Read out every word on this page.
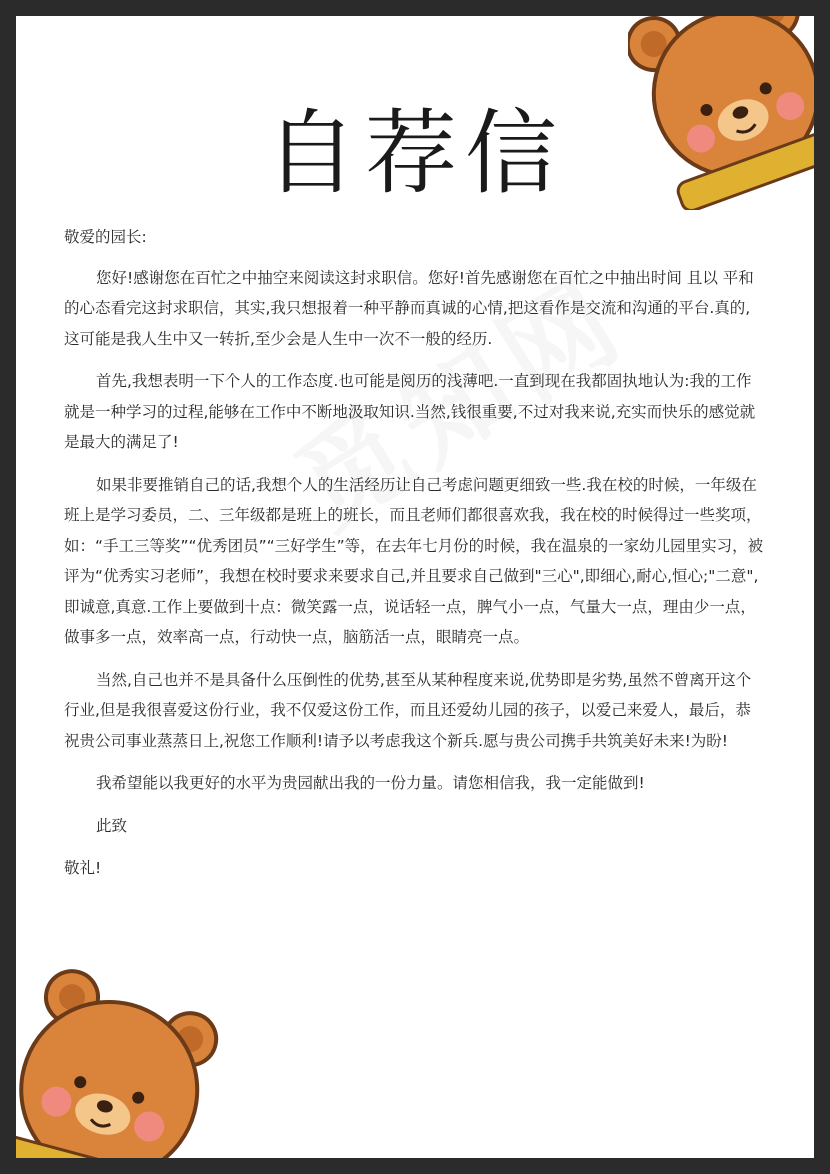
自荐信

敬爱的园长:

您好!感谢您在百忙之中抽空来阅读这封求职信。您好!首先感谢您在百忙之中抽出时间 且以 平和的心态看完这封求职信，其实,我只想报着一种平静而真诚的心情,把这看作是交流和沟通的平台.真的,这可能是我人生中又一转折,至少会是人生中一次不一般的经历.

首先,我想表明一下个人的工作态度.也可能是阅历的浅薄吧.一直到现在我都固执地认为:我的工作就是一种学习的过程,能够在工作中不断地汲取知识.当然,钱很重要,不过对我来说,充实而快乐的感觉就是最大的满足了!

如果非要推销自己的话,我想个人的生活经历让自己考虑问题更细致一些.我在校的时候，一年级在班上是学习委员，二、三年级都是班上的班长，而且老师们都很喜欢我，我在校的时候得过一些奖项，如：“手工三等奖”“优秀团员”“三好学生”等，在去年七月份的时候，我在温泉的一家幼儿园里实习，被评为“优秀实习老师”，我想在校时要求来要求自己,并且要求自己做到"三心",即细心,耐心,恒心;"二意",即诚意,真意.工作上要做到十点：微笑露一点，说话轻一点，脾气小一点，气量大一点，理由少一点，做事多一点，效率高一点，行动快一点，脑筋活一点，眼睛亮一点。

当然,自己也并不是具备什么压倒性的优势,甚至从某种程度来说,优势即是劣势,虽然不曾离开这个行业,但是我很喜爱这份行业，我不仅爱这份工作，而且还爱幼儿园的孩子，以爱己来爱人，最后，恭祝贵公司事业蒸蒸日上,祝您工作顺利!请予以考虑我这个新兵.愿与贵公司携手共筑美好未来!为盼!

我希望能以我更好的水平为贵园献出我的一份力量。请您相信我，我一定能做到!

此致

敬礼!
